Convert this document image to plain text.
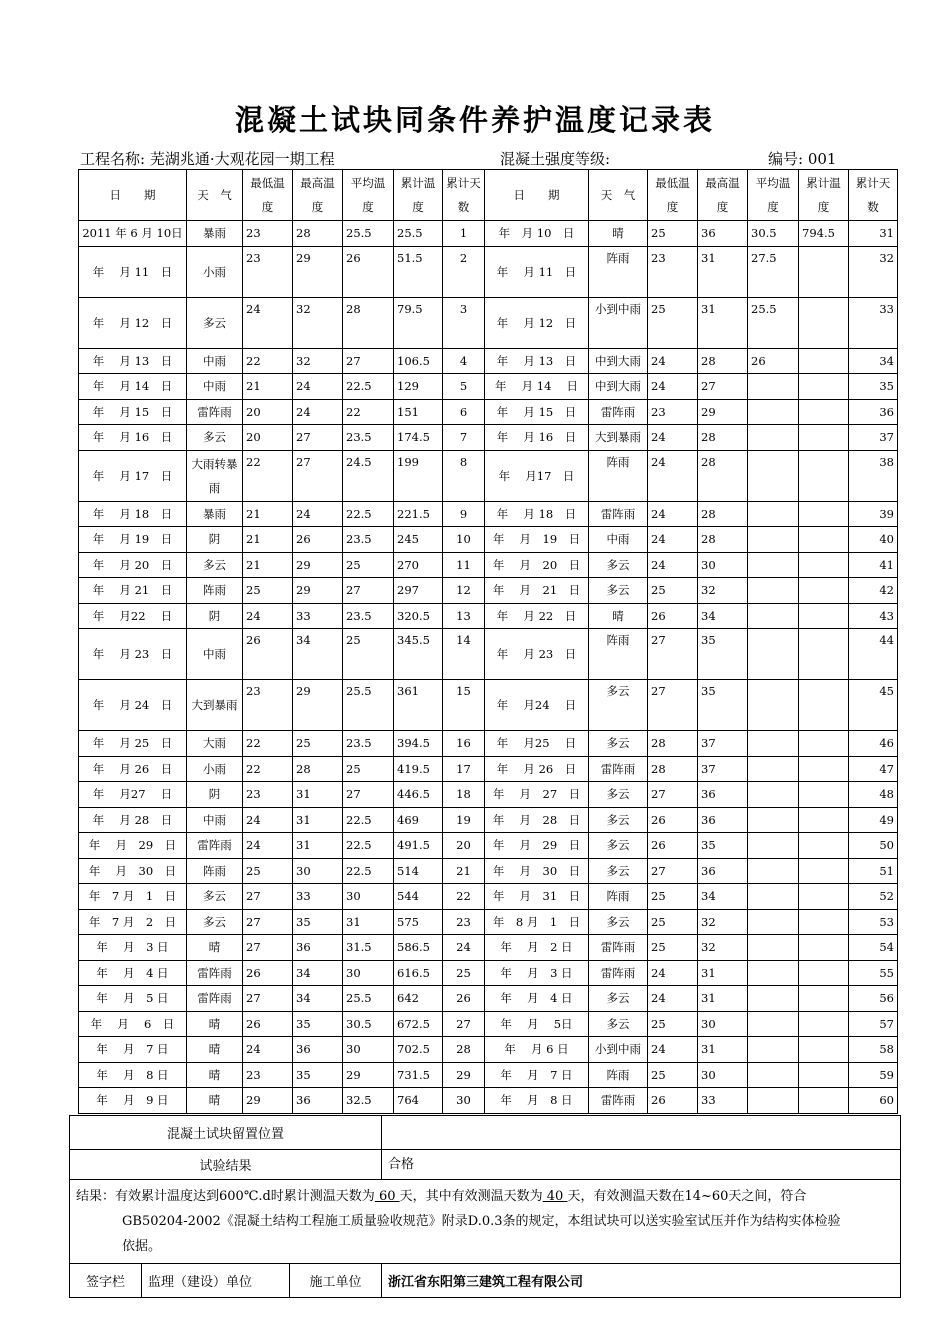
混凝土试块同条件养护温度记录表
工程名称: 芜湖兆通·大观花园一期工程	混凝土强度等级:	编号: 001
日　　期	天　气	最低温度	最高温度	平均温度	累计温度	累计天数	日　　期	天　气	最低温度	最高温度	平均温度	累计温度	累计天数
2011 年 6 月 10日	暴雨	23	28	25.5	25.5	1	年　月 10　日	晴	25	36	30.5	794.5	31
年　 月 11　日	小雨	23	29	26	51.5	2	年　 月 11　日	阵雨	23	31	27.5		32
年　 月 12　日	多云	24	32	28	79.5	3	年　 月 12　日	小到中雨	25	31	25.5		33
年　 月 13　日	中雨	22	32	27	106.5	4	年　 月 13　日	中到大雨	24	28	26		34
年　 月 14　日	中雨	21	24	22.5	129	5	年　 月 14　 日	中到大雨	24	27			35
年　 月 15　日	雷阵雨	20	24	22	151	6	年　 月 15　日	雷阵雨	23	29			36
年　 月 16　日	多云	20	27	23.5	174.5	7	年　 月 16　日	大到暴雨	24	28			37
年　 月 17　日	大雨转暴雨	22	27	24.5	199	8	年　 月17　日	阵雨	24	28			38
年　 月 18　日	暴雨	21	24	22.5	221.5	9	年　 月 18　日	雷阵雨	24	28			39
年　 月 19　日	阴	21	26	23.5	245	10	年　 月　19　日	中雨	24	28			40
年　 月 20　日	多云	21	29	25	270	11	年　 月　20　日	多云	24	30			41
年　 月 21　日	阵雨	25	29	27	297	12	年　 月　21　日	多云	25	32			42
年　 月22　 日	阴	24	33	23.5	320.5	13	年　 月 22　日	晴	26	34			43
年　 月 23　日	中雨	26	34	25	345.5	14	年　 月 23　日	阵雨	27	35			44
年　 月 24　日	大到暴雨	23	29	25.5	361	15	年　 月24　 日	多云	27	35			45
年　 月 25　日	大雨	22	25	23.5	394.5	16	年　 月25　 日	多云	28	37			46
年　 月 26　日	小雨	22	28	25	419.5	17	年　 月 26　日	雷阵雨	28	37			47
年　 月27　 日	阴	23	31	27	446.5	18	年　 月　27　日	多云	27	36			48
年　 月 28　日	中雨	24	31	22.5	469	19	年　 月　28　日	多云	26	36			49
年　 月　29　日	雷阵雨	24	31	22.5	491.5	20	年　 月　29　日	多云	26	35			50
年　 月　30　日	阵雨	25	30	22.5	514	21	年　 月　30　日	多云	27	36			51
年　7 月　1　日	多云	27	33	30	544	22	年　 月　31　日	阵雨	25	34			52
年　7 月　2　日	多云	27	35	31	575	23	年　8 月　1　日	多云	25	32			53
年　 月　3 日	晴	27	36	31.5	586.5	24	年　 月　2 日	雷阵雨	25	32			54
年　 月　4 日	雷阵雨	26	34	30	616.5	25	年　 月　3 日	雷阵雨	24	31			55
年　 月　5 日	雷阵雨	27	34	25.5	642	26	年　 月　4 日	多云	24	31			56
年　 月　 6　日	晴	26	35	30.5	672.5	27	年　 月　 5日	多云	25	30			57
年　 月　7 日	晴	24	36	30	702.5	28	年　 月 6 日	小到中雨	24	31			58
年　 月　8 日	晴	23	35	29	731.5	29	年　 月　7 日	阵雨	25	30			59
年　 月　9 日	晴	29	36	32.5	764	30	年　 月　8 日	雷阵雨	26	33			60
混凝土试块留置位置			
试验结果			合格
结果：有效累计温度达到600℃.d时累计测温天数为 60 天，其中有效测温天数为 40 天，有效测温天数在14~60天之间，符合
GB50204-2002《混凝土结构工程施工质量验收规范》附录D.0.3条的规定，本组试块可以送实验室试压并作为结构实体检验
依据。			

签字栏	监理（建设）单位	施工单位	浙江省东阳第三建筑工程有限公司
